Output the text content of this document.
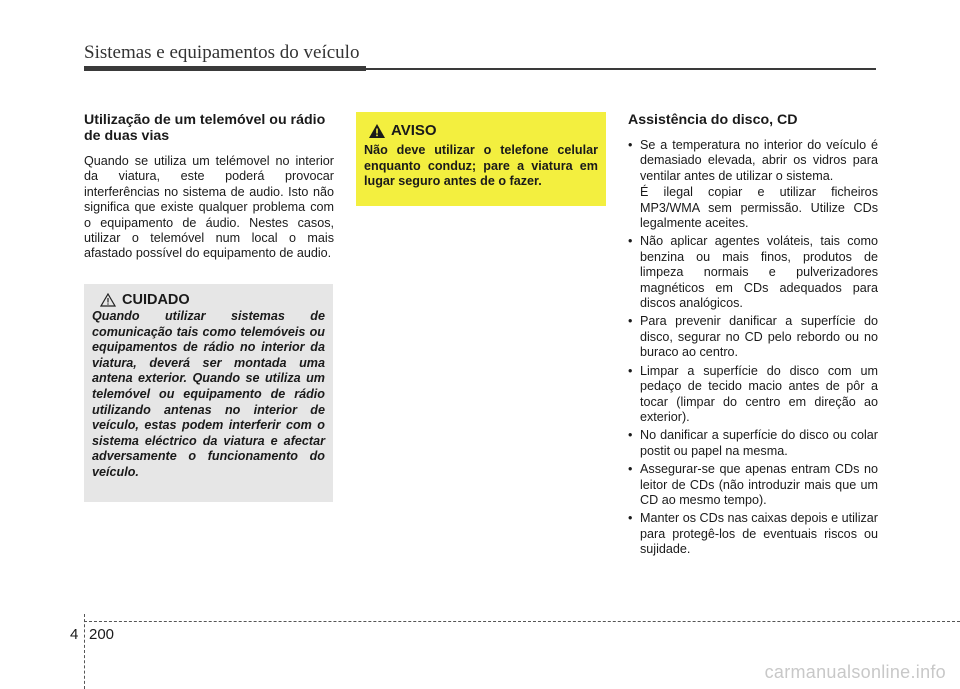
Sistemas e equipamentos do veículo
Utilização de um telemóvel ou rádio de duas vias

Quando se utiliza um telémovel no interior da viatura, este poderá provocar interferências no sistema de audio. Isto não significa que existe qualquer problema com o equipamento de áudio. Nestes casos, utilizar o telemóvel num local o mais afastado possível do equipamento de audio.

CUIDADO

Quando utilizar sistemas de comunicação tais como telemóveis ou equipamentos de rádio no interior da viatura, deverá ser montada uma antena exterior. Quando se utiliza um telemóvel ou equipamento de rádio utilizando antenas no interior de veículo, estas podem interferir com o sistema eléctrico da viatura e afectar adversamente o funcionamento do veículo.

AVISO

Não deve utilizar o telefone celular enquanto conduz; pare a viatura em lugar seguro antes de o fazer.

Assistência do disco, CD
• Se a temperatura no interior do veículo é demasiado elevada, abrir os vidros para ventilar antes de utilizar o sistema.
É ilegal copiar e utilizar ficheiros MP3/WMA sem permissão. Utilize CDs legalmente aceites.
• Não aplicar agentes voláteis, tais como benzina ou mais finos, produtos de limpeza normais e pulverizadores magnéticos em CDs adequados para discos analógicos.
• Para prevenir danificar a superfície do disco, segurar no CD pelo rebordo ou no buraco ao centro.
• Limpar a superfície do disco com um pedaço de tecido macio antes de pôr a tocar (limpar do centro em direção ao exterior).
• No danificar a superfície do disco ou colar postit ou papel na mesma.
• Assegurar-se que apenas entram CDs no leitor de CDs (não introduzir mais que um CD ao mesmo tempo).
• Manter os CDs nas caixas depois e utilizar para protegê-los de eventuais riscos ou sujidade.
4 200
carmanualsonline.info
